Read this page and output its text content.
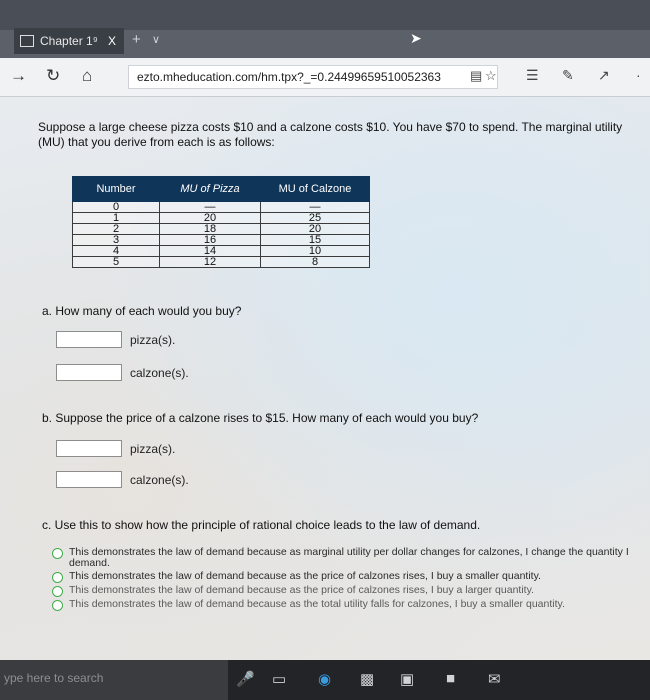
Chapter 1⁹ X + ∨	➤
→ ↻ ⌂	ezto.mheducation.com/hm.tpx?_=0.24499659510052363	▤ ☆ ☰ ✎ ↗ ·
Suppose a large cheese pizza costs $10 and a calzone costs $10. You have $70 to spend. The marginal utility (MU) that you derive from each is as follows:
Number	MU of Pizza	MU of Calzone
0	—	—
1	20	25
2	18	20
3	16	15
4	14	10
5	12	8
a. How many of each would you buy?
pizza(s).
calzone(s).
b. Suppose the price of a calzone rises to $15. How many of each would you buy?
pizza(s).
calzone(s).
c. Use this to show how the principle of rational choice leads to the law of demand.
This demonstrates the law of demand because as marginal utility per dollar changes for calzones, I change the quantity I demand.
This demonstrates the law of demand because as the price of calzones rises, I buy a smaller quantity.
This demonstrates the law of demand because as the price of calzones rises, I buy a larger quantity.
This demonstrates the law of demand because as the total utility falls for calzones, I buy a smaller quantity.
ype here to search	🎤 ▭ ◉ ▩ ▣ ■ ✉
